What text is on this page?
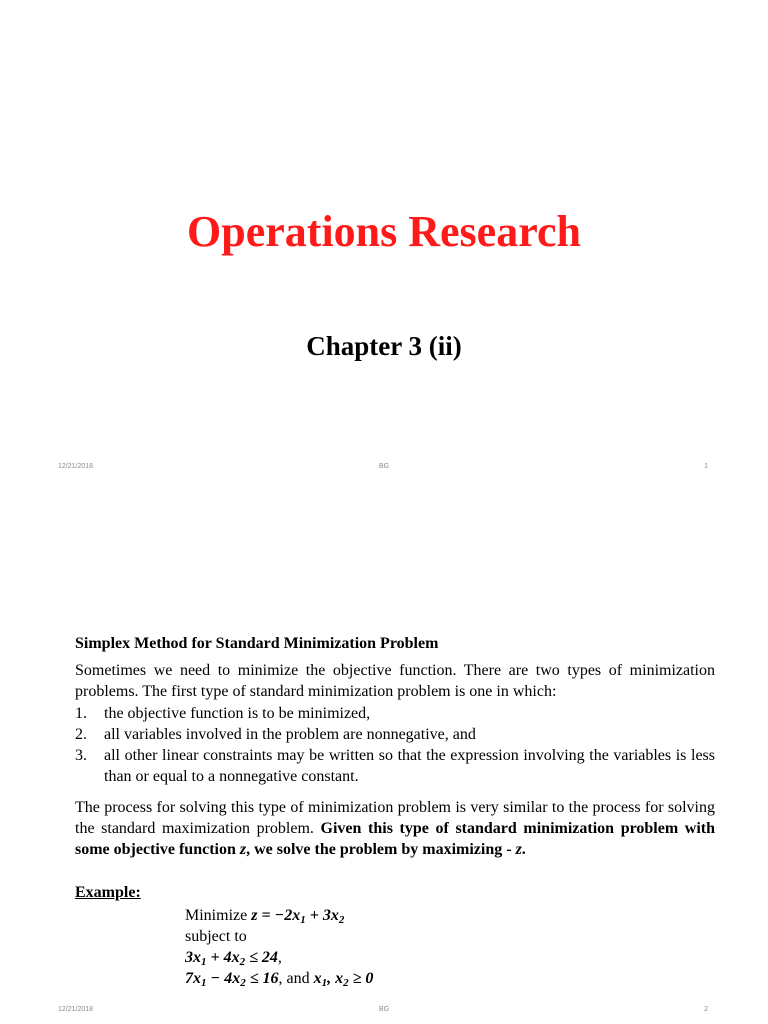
Operations Research
Chapter 3 (ii)
12/21/2018	BG	1
Simplex Method for Standard Minimization Problem

Sometimes we need to minimize the objective function. There are two types of minimization problems. The first type of standard minimization problem is one in which:

1. the objective function is to be minimized,
2. all variables involved in the problem are nonnegative, and
3. all other linear constraints may be written so that the expression involving the variables is less than or equal to a nonnegative constant.

The process for solving this type of minimization problem is very similar to the process for solving the standard maximization problem. Given this type of standard minimization problem with some objective function z, we solve the problem by maximizing - z.

Example:
Minimize $z = -2x_1 + 3x_2$
subject to
$3x_1 + 4x_2 \le 24$,
$7x_1 - 4x_2 \le 16$, and $x_1$, $x_2 \ge 0$
12/21/2018	BG	2
